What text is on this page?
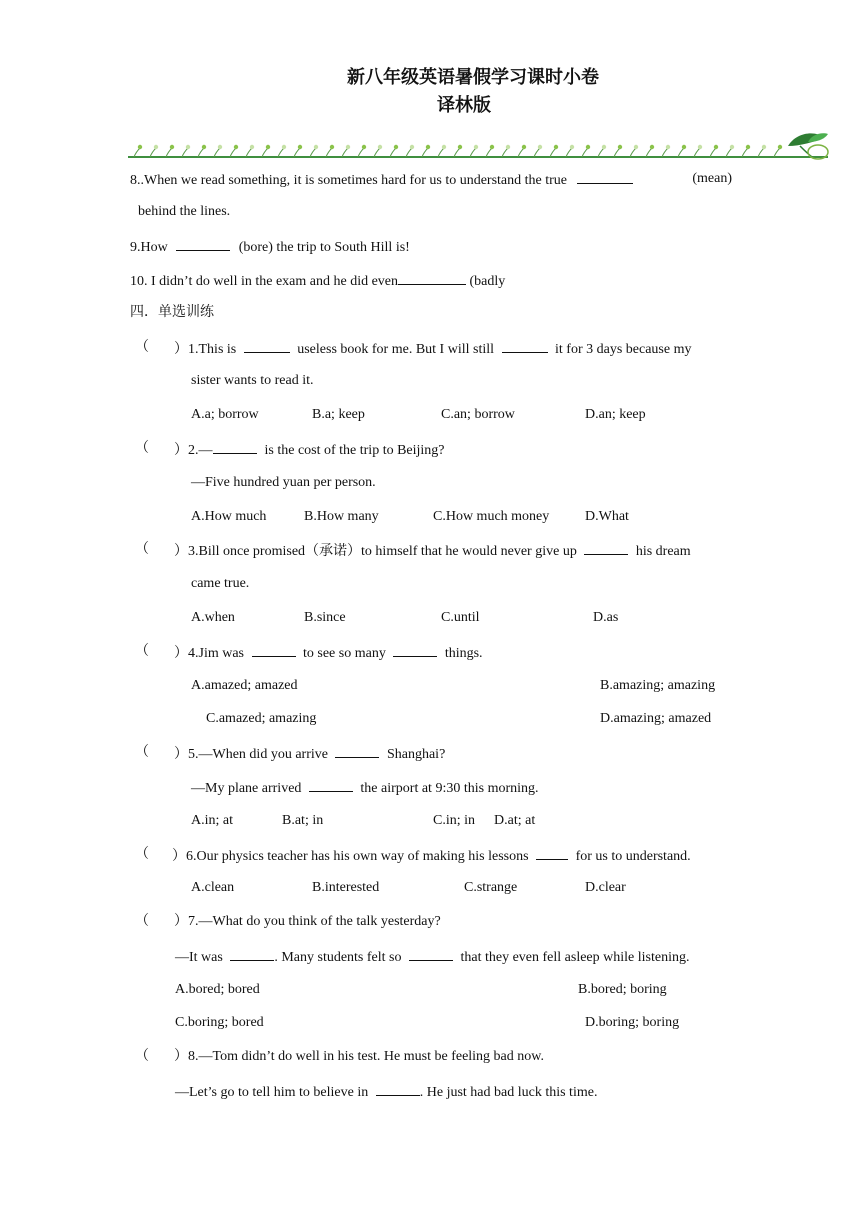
新八年级英语暑假学习课时小卷
译林版
8..When we read something, it is sometimes hard for us to understand the true	(mean)
behind the lines.
9.How	(bore) the trip to South Hill is!
10. I didn’t do well in the exam and he did even	(badly
四．单选训练
（ ）1.This is	useless book for me. But I will still	it for 3 days because my
sister wants to read it.
A.a; borrow	B.a; keep	C.an; borrow	D.an; keep
（ ）2.—	is the cost of the trip to Beijing?
—Five hundred yuan per person.
A.How much	B.How many	C.How much money	D.What
（ ）3.Bill once promised（承诺）to himself that he would never give up	his dream
came true.
A.when	B.since	C.until	D.as
（ ）4.Jim was	to see so many	things.
A.amazed; amazed	B.amazing; amazing
C.amazed; amazing	D.amazing; amazed
（ ）5.—When did you arrive	Shanghai?
—My plane arrived	the airport at 9:30 this morning.
A.in; at	B.at; in	C.in; in D.at; at
（ ）6.Our physics teacher has his own way of making his lessons	for us to understand.
A.clean	B.interested	C.strange	D.clear
（ ）7.—What do you think of the talk yesterday?
—It was	. Many students felt so	that they even fell asleep while listening.
A.bored; bored	B.bored; boring
C.boring; bored	D.boring; boring
（ ）8.—Tom didn’t do well in his test. He must be feeling bad now.
—Let’s go to tell him to believe in	. He just had bad luck this time.
